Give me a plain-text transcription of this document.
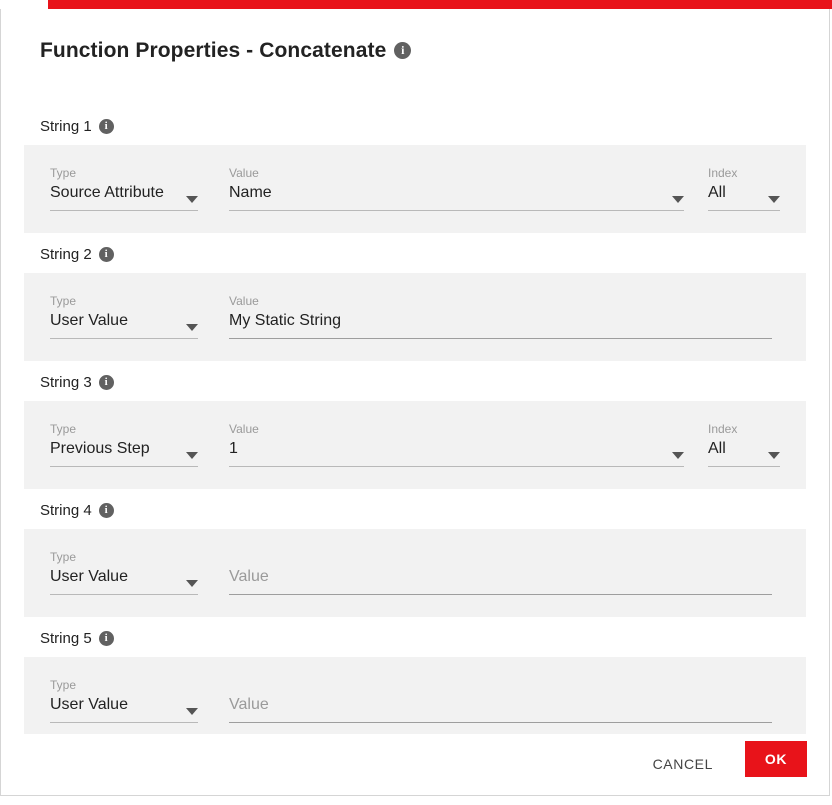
Function Properties - Concatenate i
String 1 i
Type
Source Attribute
Value
Name
Index
All
String 2 i
Type
User Value
Value
My Static String
String 3 i
Type
Previous Step
Value
1
Index
All
String 4 i
Type
User Value	Value
String 5 i
Type
User Value	Value
CANCEL	OK
